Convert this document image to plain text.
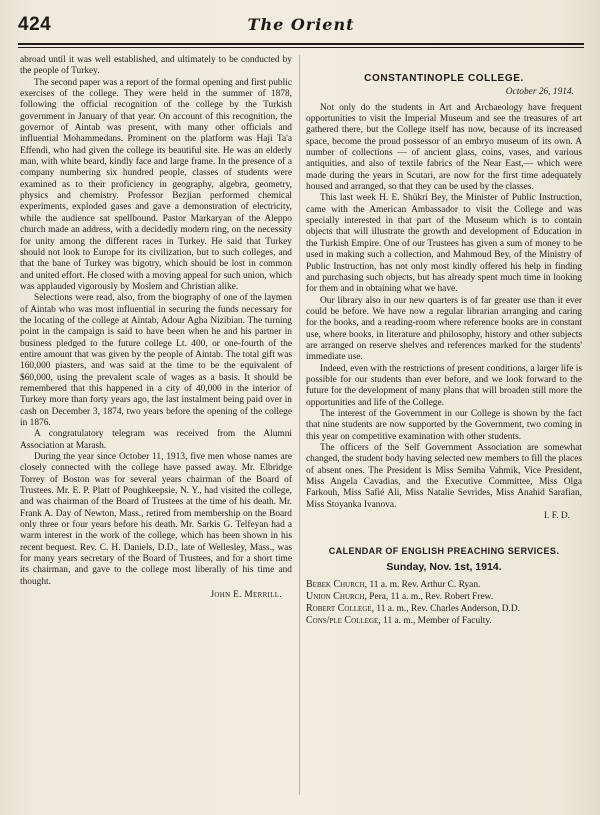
424	The Orient

abroad until it was well established, and ultimately to be conducted by the people of Turkey.

The second paper was a report of the formal opening and first public exercises of the college. They were held in the summer of 1878, following the official recognition of the college by the Turkish government in January of that year. On account of this recognition, the governor of Aintab was present, with many other officials and influential Mohammedans. Prominent on the platform was Haji Ta'a Effendi, who had given the college its beautiful site. He was an elderly man, with white beard, kindly face and large frame. In the presence of a company numbering six hundred people, classes of students were examined as to their proficiency in geography, algebra, geometry, physics and chemistry. Professor Bezjian performed chemical experiments, exploded gases and gave a demonstration of electricity, while the audience sat spellbound. Pastor Markaryan of the Aleppo church made an address, with a decidedly modern ring, on the necessity for unity among the different races in Turkey. He said that Turkey should not look to Europe for its civilization, but to such colleges, and that the bane of Turkey was bigotry, which should be lost in common and united effort. He closed with a moving appeal for such union, which was applauded vigorously by Moslem and Christian alike.

Selections were read, also, from the biography of one of the laymen of Aintab who was most influential in securing the funds necessary for the locating of the college at Aintab, Adour Agha Nizibian. The turning point in the campaign is said to have been when he and his partner in business pledged to the future college Lt. 400, or one-fourth of the entire amount that was given by the people of Aintab. The total gift was 160,000 piasters, and was said at the time to be the equivalent of $60,000, using the prevalent scale of wages as a basis. It should be remembered that this happened in a city of 40,000 in the interior of Turkey more than forty years ago, the last instalment being paid over in cash on December 3, 1874, two years before the opening of the college in 1876.

A congratulatory telegram was received from the Alumni Association at Marash.

During the year since October 11, 1913, five men whose names are closely connected with the college have passed away. Mr. Elbridge Torrey of Boston was for several years chairman of the Board of Trustees. Mr. E. P. Platt of Poughkeepsie, N. Y., had visited the college, and was chairman of the Board of Trustees at the time of his death. Mr. Frank A. Day of Newton, Mass., retired from membership on the Board only three or four years before his death. Mr. Sarkis G. Telfeyan had a warm interest in the work of the college, which has been shown in his recent bequest. Rev. C. H. Daniels, D.D., late of Wellesley, Mass., was for many years secretary of the Board of Trustees, and for a short time its chairman, and gave to the college most liberally of his time and thought.

John E. Merrill.
CONSTANTINOPLE COLLEGE.
October 26, 1914.

Not only do the students in Art and Archaeology have frequent opportunities to visit the Imperial Museum and see the treasures of art gathered there, but the College itself has now, because of its increased space, become the proud possessor of an embryo museum of its own. A number of collections — of ancient glass, coins, vases, and various antiquities, and also of textile fabrics of the Near East,— which were made during the years in Scutari, are now for the first time adequately housed and arranged, so that they can be used by the classes.

This last week H. E. Shükri Bey, the Minister of Public Instruction, came with the American Ambassador to visit the College and was specially interested in that part of the Museum which is to contain objects that will illustrate the growth and development of Education in the Turkish Empire. One of our Trustees has given a sum of money to be used in making such a collection, and Mahmoud Bey, of the Ministry of Public Instruction, has not only most kindly offered his help in finding and purchasing such objects, but has already spent much time in looking for them and in obtaining what we have.

Our library also in our new quarters is of far greater use than it ever could be before. We have now a regular librarian arranging and caring for the books, and a reading-room where reference books are in constant use, where books, in literature and philosophy, history and other subjects are arranged on reserve shelves and references marked for the students' immediate use.

Indeed, even with the restrictions of present conditions, a larger life is possible for our students than ever before, and we look forward to the future for the development of many plans that will broaden still more the opportunities and life of the College.

The interest of the Government in our College is shown by the fact that nine students are now supported by the Government, two coming in this year on competitive examination with other students.

The officers of the Self Government Association are somewhat changed, the student body having selected new members to fill the places of absent ones. The President is Miss Semiha Vahmik, Vice President, Miss Angela Cavadias, and the Executive Committee, Miss Olga Farkouh, Miss Safié Ali, Miss Natalie Sevrides, Miss Anahid Sarafian, Miss Stoyanka Ivanova.

I. F. D.
CALENDAR OF ENGLISH PREACHING SERVICES.
Sunday, Nov. 1st, 1914.

Bebek Church, 11 a. m. Rev. Arthur C. Ryan.

Union Church, Pera, 11 a. m., Rev. Robert Frew.

Robert College, 11 a. m., Rev. Charles Anderson, D.D.

Cons/ple College, 11 a. m., Member of Faculty.
